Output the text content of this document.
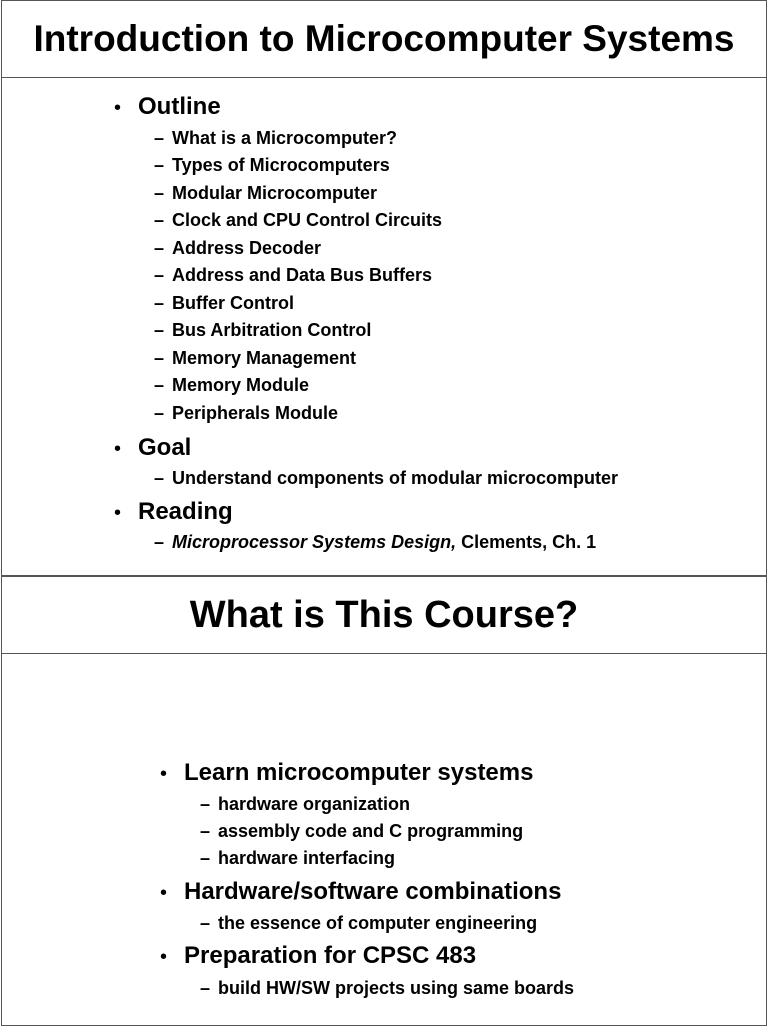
Introduction to Microcomputer Systems
• Outline
– What is a Microcomputer?
– Types of Microcomputers
– Modular Microcomputer
– Clock and CPU Control Circuits
– Address Decoder
– Address and Data Bus Buffers
– Buffer Control
– Bus Arbitration Control
– Memory Management
– Memory Module
– Peripherals Module
• Goal
– Understand components of modular microcomputer
• Reading
– Microprocessor Systems Design, Clements, Ch. 1
What is This Course?
• Learn microcomputer systems
– hardware organization
– assembly code and C programming
– hardware interfacing
• Hardware/software combinations
– the essence of computer engineering
• Preparation for CPSC 483
– build HW/SW projects using same boards
